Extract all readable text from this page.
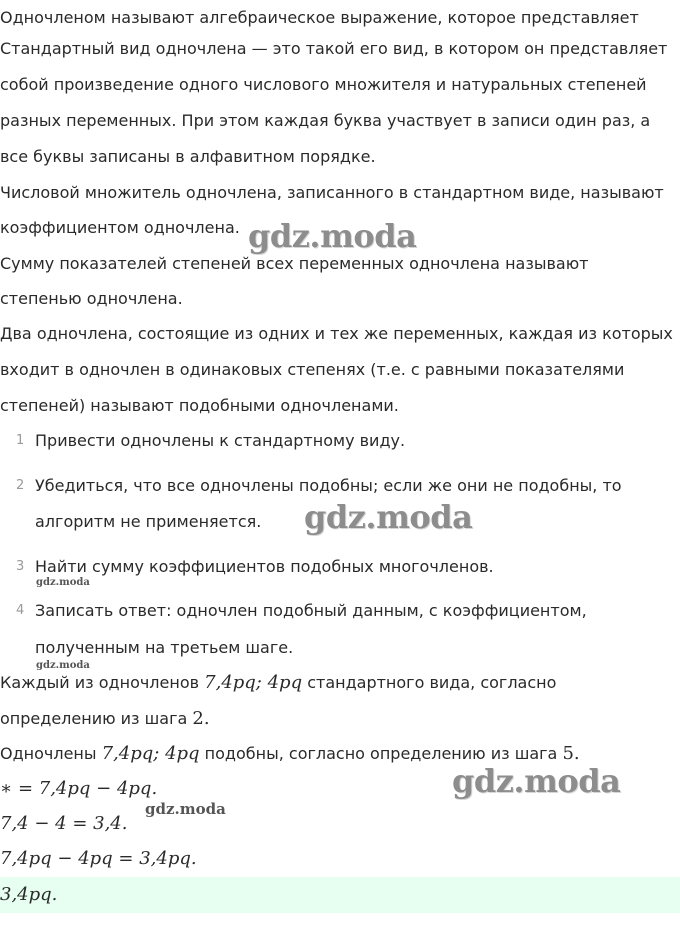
Одночленом называют алгебраическое выражение, которое представляет
Стандартный вид одночлена — это такой его вид, в котором он представляет
собой произведение одного числового множителя и натуральных степеней
разных переменных. При этом каждая буква участвует в записи один раз, а
все буквы записаны в алфавитном порядке.
Числовой множитель одночлена, записанного в стандартном виде, называют
коэффициентом одночлена.
Сумму показателей степеней всех переменных одночлена называют
степенью одночлена.
Два одночлена, состоящие из одних и тех же переменных, каждая из которых
входит в одночлен в одинаковых степенях (т.е. с равными показателями
степеней) называют подобными одночленами.
1 Привести одночлены к стандартному виду.
2 Убедиться, что все одночлены подобны; если же они не подобны, то
алгоритм не применяется.
3 Найти сумму коэффициентов подобных многочленов.
4 Записать ответ: одночлен подобный данным, с коэффициентом,
полученным на третьем шаге.
Каждый из одночленов 7,4pq; 4pq стандартного вида, согласно
определению из шага 2.
Одночлены 7,4pq; 4pq подобны, согласно определению из шага 5.
∗ = 7,4pq − 4pq.
7,4 − 4 = 3,4.
7,4pq − 4pq = 3,4pq.
3,4pq.
gdz.moda
gdz.moda
gdz.moda
gdz.moda
gdz.moda
gdz.moda
